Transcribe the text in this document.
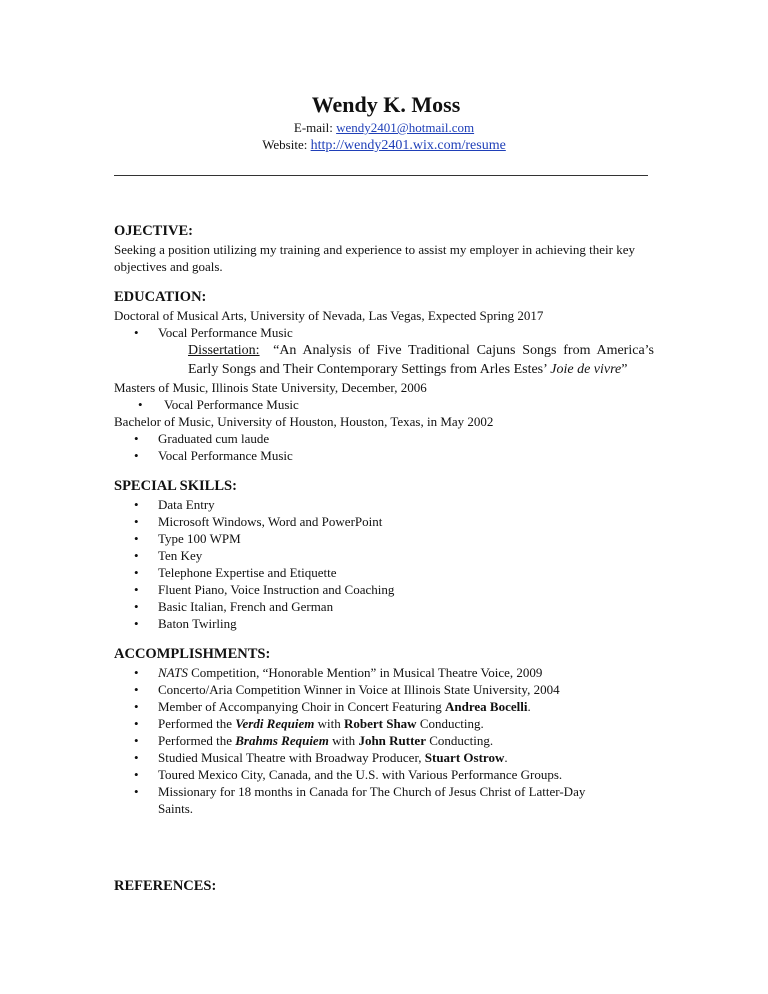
Wendy K. Moss
E-mail: wendy2401@hotmail.com
Website: http://wendy2401.wix.com/resume
OJECTIVE:

Seeking a position utilizing my training and experience to assist my employer in achieving their key objectives and goals.

EDUCATION:
Doctoral of Musical Arts, University of Nevada, Las Vegas, Expected Spring 2017
• Vocal Performance Music
Dissertation: “An Analysis of Five Traditional Cajuns Songs from America’s Early Songs and Their Contemporary Settings from Arles Estes’ Joie de vivre”
Masters of Music, Illinois State University, December, 2006
• Vocal Performance Music
Bachelor of Music, University of Houston, Houston, Texas, in May 2002
• Graduated cum laude
• Vocal Performance Music
SPECIAL SKILLS:
• Data Entry
• Microsoft Windows, Word and PowerPoint
• Type 100 WPM
• Ten Key
• Telephone Expertise and Etiquette
• Fluent Piano, Voice Instruction and Coaching
• Basic Italian, French and German
• Baton Twirling
ACCOMPLISHMENTS:
• NATS Competition, “Honorable Mention” in Musical Theatre Voice, 2009
• Concerto/Aria Competition Winner in Voice at Illinois State University, 2004
• Member of Accompanying Choir in Concert Featuring Andrea Bocelli.
• Performed the Verdi Requiem with Robert Shaw Conducting.
• Performed the Brahms Requiem with John Rutter Conducting.
• Studied Musical Theatre with Broadway Producer, Stuart Ostrow.
• Toured Mexico City, Canada, and the U.S. with Various Performance Groups.
• Missionary for 18 months in Canada for The Church of Jesus Christ of Latter-Day Saints.
REFERENCES:
